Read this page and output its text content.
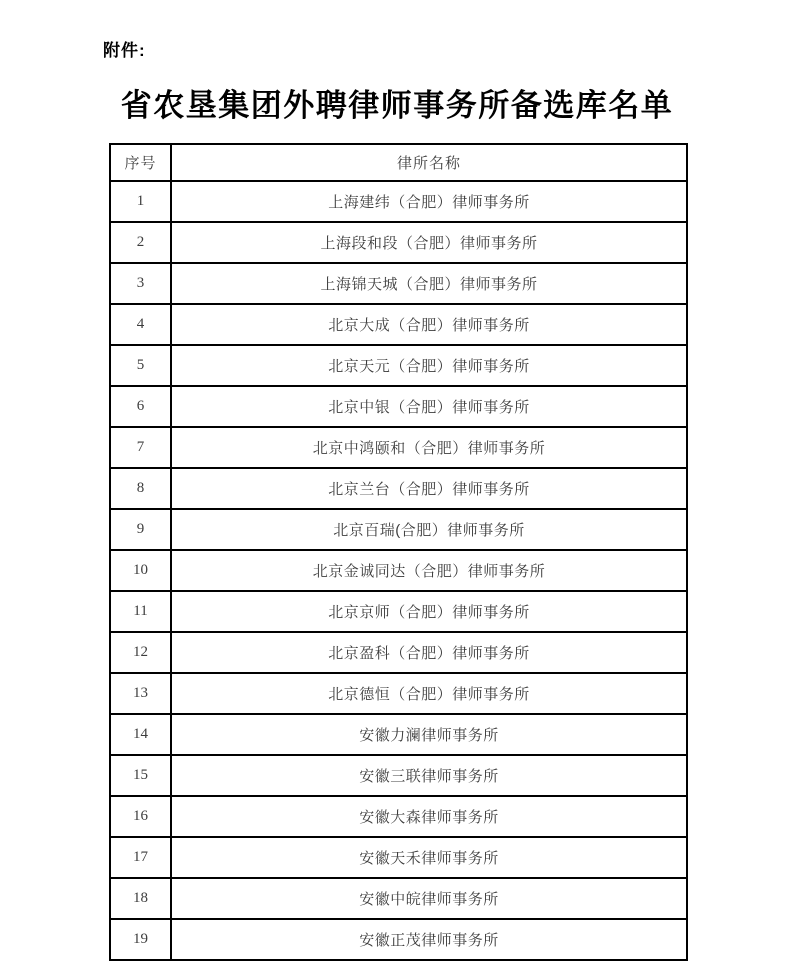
附件:
省农垦集团外聘律师事务所备选库名单
序号	律所名称
1	上海建纬（合肥）律师事务所
2	上海段和段（合肥）律师事务所
3	上海锦天城（合肥）律师事务所
4	北京大成（合肥）律师事务所
5	北京天元（合肥）律师事务所
6	北京中银（合肥）律师事务所
7	北京中鸿颐和（合肥）律师事务所
8	北京兰台（合肥）律师事务所
9	北京百瑞(合肥）律师事务所
10	北京金诚同达（合肥）律师事务所
11	北京京师（合肥）律师事务所
12	北京盈科（合肥）律师事务所
13	北京德恒（合肥）律师事务所
14	安徽力澜律师事务所
15	安徽三联律师事务所
16	安徽大森律师事务所
17	安徽天禾律师事务所
18	安徽中皖律师事务所
19	安徽正茂律师事务所
